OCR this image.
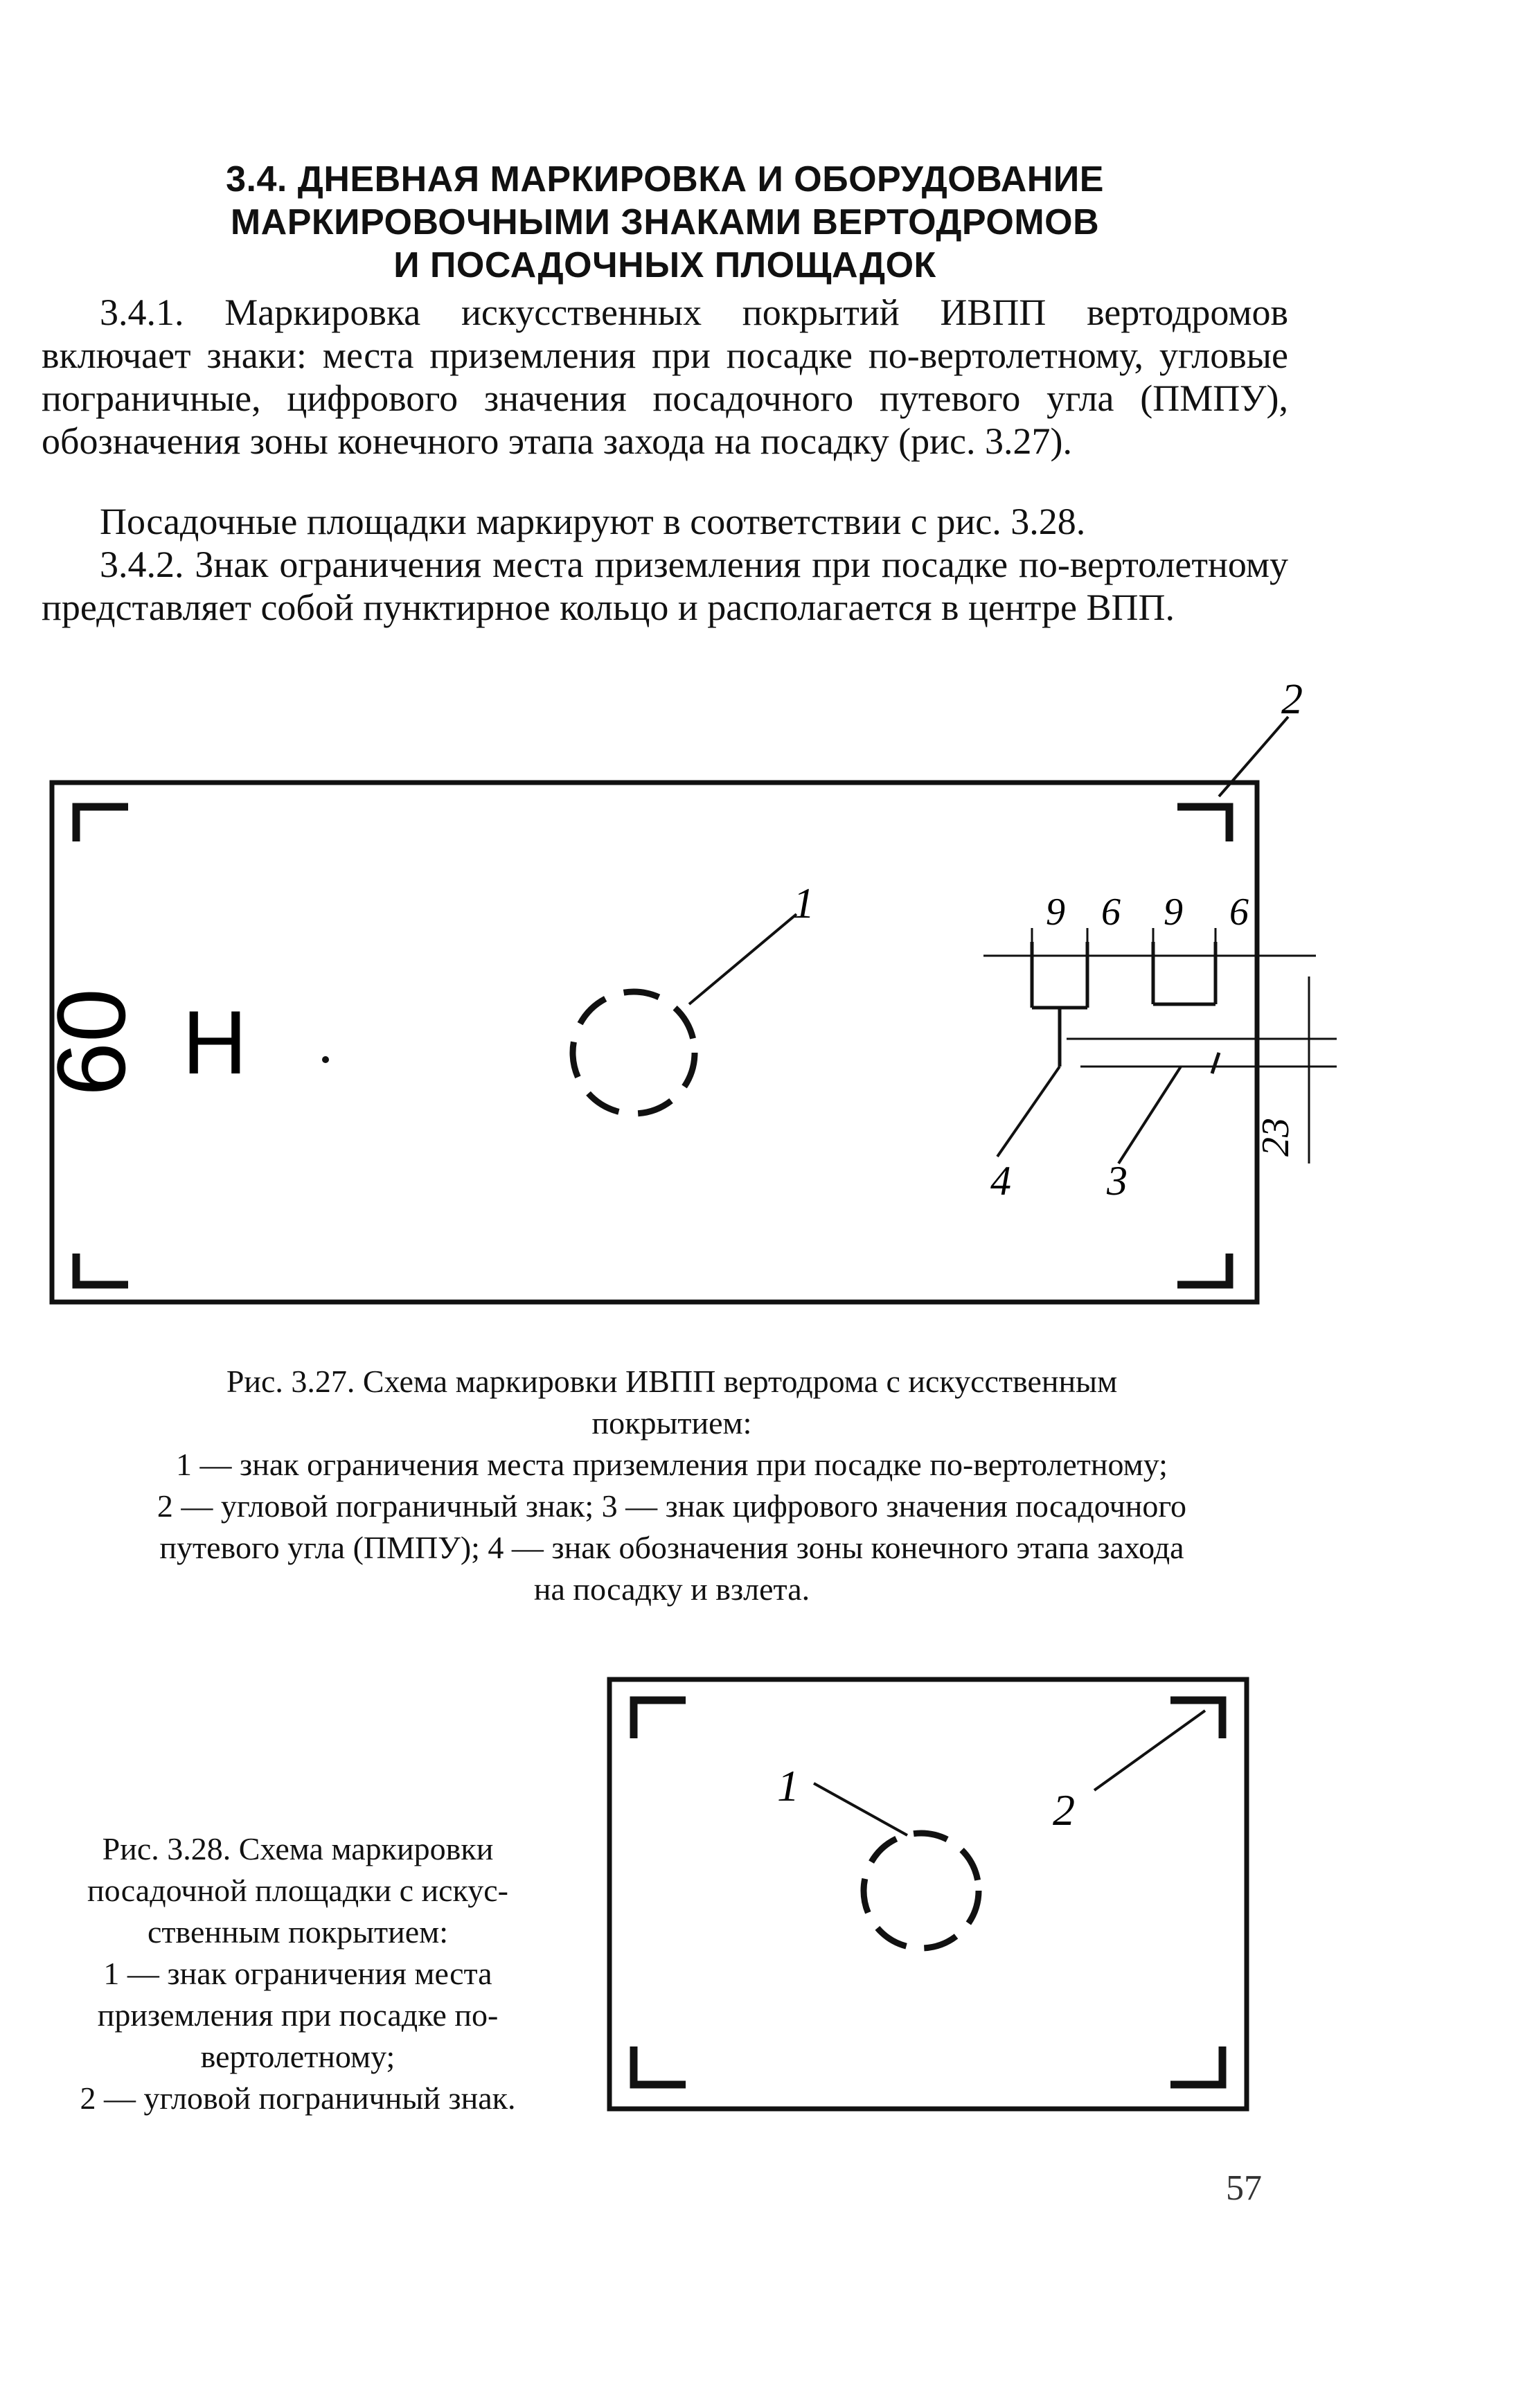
3.4. ДНЕВНАЯ МАРКИРОВКА И ОБОРУДОВАНИЕ
МАРКИРОВОЧНЫМИ ЗНАКАМИ ВЕРТОДРОМОВ
И ПОСАДОЧНЫХ ПЛОЩАДОК
3.4.1. Маркировка искусственных покрытий ИВПП вертодромов включает знаки: места приземления при посадке по-вертолетному, угловые пограничные, цифрового значения посадочного путевого угла (ПМПУ), обозначения зоны конечного этапа захода на посадку (рис. 3.27).
Посадочные площадки маркируют в соответствии с рис. 3.28.
3.4.2. Знак ограничения места приземления при посадке по-вертолетному представляет собой пунктирное кольцо и располагается в центре ВПП.
2
60 Н
1	9 6 9 6
23
4 3
Рис. 3.27. Схема маркировки ИВПП вертодрома с искусственным
покрытием:
1 — знак ограничения места приземления при посадке по-вертолетному;
2 — угловой пограничный знак; 3 — знак цифрового значения посадочного
путевого угла (ПМПУ); 4 — знак обозначения зоны конечного этапа захода
на посадку и взлета.
1	2
Рис. 3.28. Схема маркировки
посадочной площадки с искус-
ственным покрытием:
1 — знак ограничения места
приземления при посадке по-
вертолетному;
2 — угловой пограничный знак.
57
